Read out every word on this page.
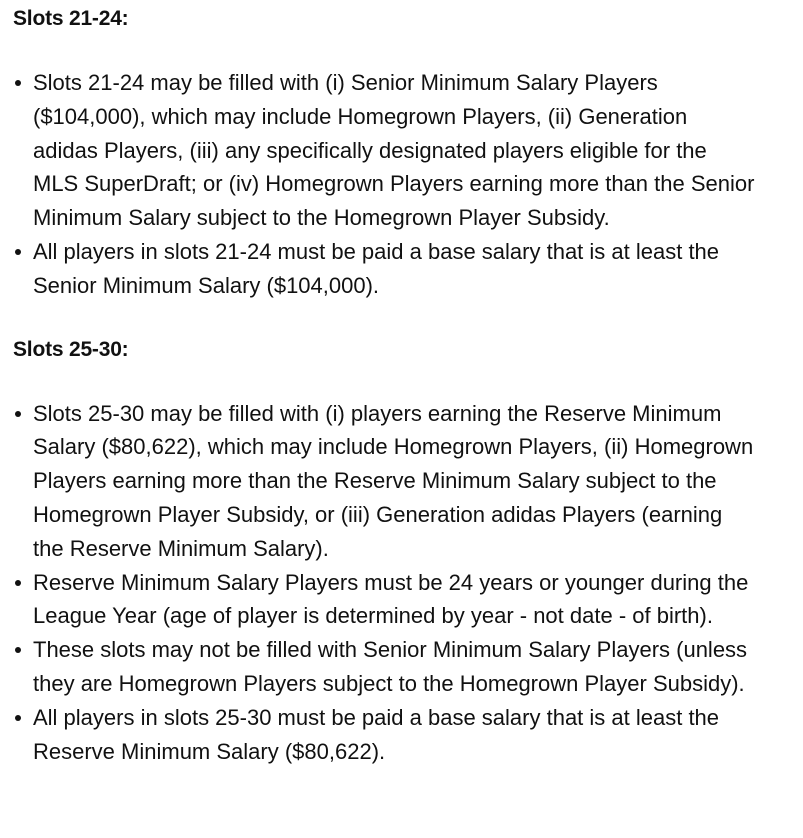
Slots 21-24:
Slots 21-24 may be filled with (i) Senior Minimum Salary Players ($104,000), which may include Homegrown Players, (ii) Generation adidas Players, (iii) any specifically designated players eligible for the MLS SuperDraft; or (iv) Homegrown Players earning more than the Senior Minimum Salary subject to the Homegrown Player Subsidy.
All players in slots 21-24 must be paid a base salary that is at least the Senior Minimum Salary ($104,000).
Slots 25-30:
Slots 25-30 may be filled with (i) players earning the Reserve Minimum Salary ($80,622), which may include Homegrown Players, (ii) Homegrown Players earning more than the Reserve Minimum Salary subject to the Homegrown Player Subsidy, or (iii) Generation adidas Players (earning the Reserve Minimum Salary).
Reserve Minimum Salary Players must be 24 years or younger during the League Year (age of player is determined by year - not date - of birth).
These slots may not be filled with Senior Minimum Salary Players (unless they are Homegrown Players subject to the Homegrown Player Subsidy).
All players in slots 25-30 must be paid a base salary that is at least the Reserve Minimum Salary ($80,622).
